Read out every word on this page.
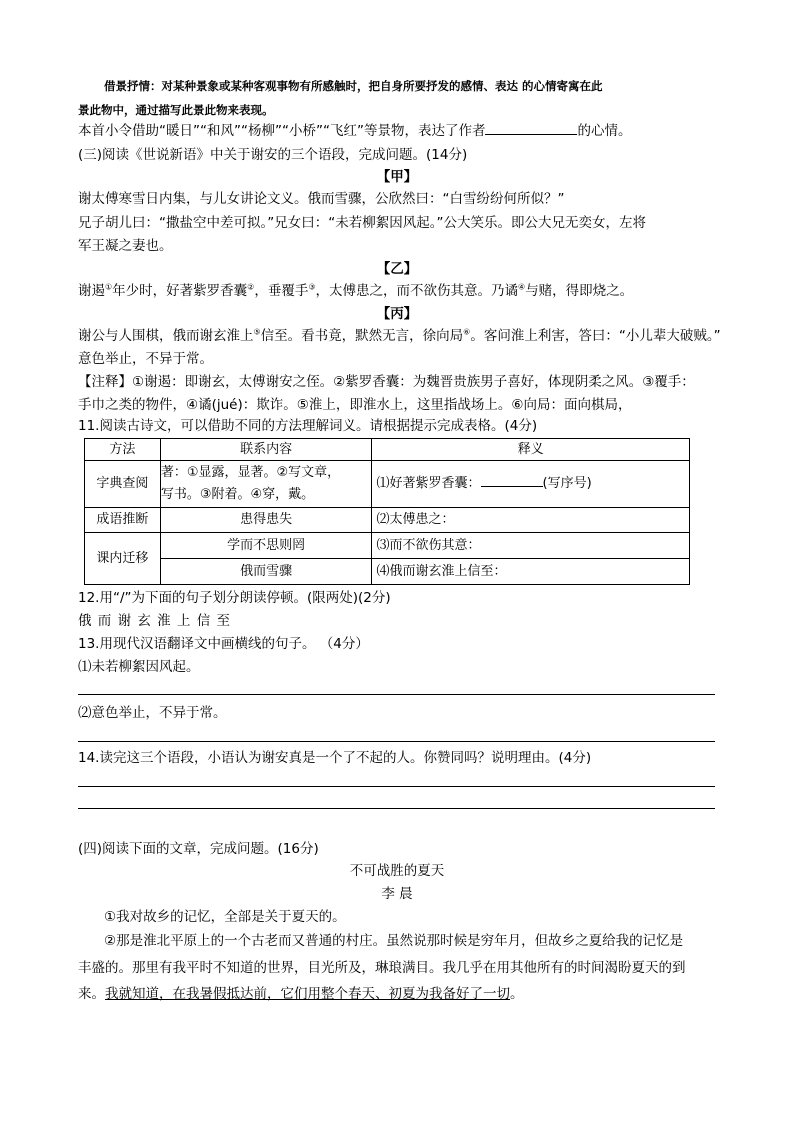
借景抒情：对某种景象或某种客观事物有所感触时，把自身所要抒发的感情、表达 的心情寄寓在此
景此物中，通过描写此景此物来表现。
本首小令借助“暖日”“和风”“杨柳”“小桥”“飞红”等景物，表达了作者	的心情。
(三)阅读《世说新语》中关于谢安的三个语段，完成问题。(14分)
【甲】
谢太傅寒雪日内集，与儿女讲论文义。俄而雪骤，公欣然曰：“白雪纷纷何所似？”
兄子胡儿曰：“撒盐空中差可拟。”兄女曰：“未若柳絮因风起。”公大笑乐。即公大兄无奕女，左将
军王凝之妻也。
【乙】
谢遏①年少时，好著紫罗香囊②，垂覆手③，太傅患之，而不欲伤其意。乃谲④与赌，得即烧之。
【丙】
谢公与人围棋，俄而谢玄淮上⑤信至。看书竟，默然无言，徐向局⑥。客问淮上利害，答曰：“小儿辈大破贼。”
意色举止，不异于常。
【注释】①谢遏：即谢玄，太傅谢安之侄。②紫罗香囊：为魏晋贵族男子喜好，体现阴柔之风。③覆手：
手巾之类的物件，④谲(jué)：欺诈。⑤淮上，即淮水上，这里指战场上。⑥向局：面向棋局，
11.阅读古诗文，可以借助不同的方法理解词义。请根据提示完成表格。(4分)
方法	联系内容	释义
字典查阅	著：①显露，显著。②写文章，
写书。③附着。④穿，戴。	⑴好著紫罗香囊： (写序号)
成语推断	患得患失	⑵太傅患之：
课内迁移	学而不思则罔	⑶而不欲伤其意：
	俄而雪骤	⑷俄而谢玄淮上信至：
12.用“/”为下面的句子划分朗读停顿。(限两处)(2分)
俄 而 谢 玄 淮 上 信 至
13.用现代汉语翻译文中画横线的句子。 （4分）
⑴未若柳絮因风起。
⑵意色举止，不异于常。
14.读完这三个语段，小语认为谢安真是一个了不起的人。你赞同吗？说明理由。(4分)
(四)阅读下面的文章，完成问题。(16分)
不可战胜的夏天
李 晨
①我对故乡的记忆，全部是关于夏天的。
②那是淮北平原上的一个古老而又普通的村庄。虽然说那时候是穷年月，但故乡之夏给我的记忆是
丰盛的。那里有我平时不知道的世界，目光所及，琳琅满目。我几乎在用其他所有的时间渴盼夏天的到
来。我就知道，在我暑假抵达前，它们用整个春天、初夏为我备好了一切。
